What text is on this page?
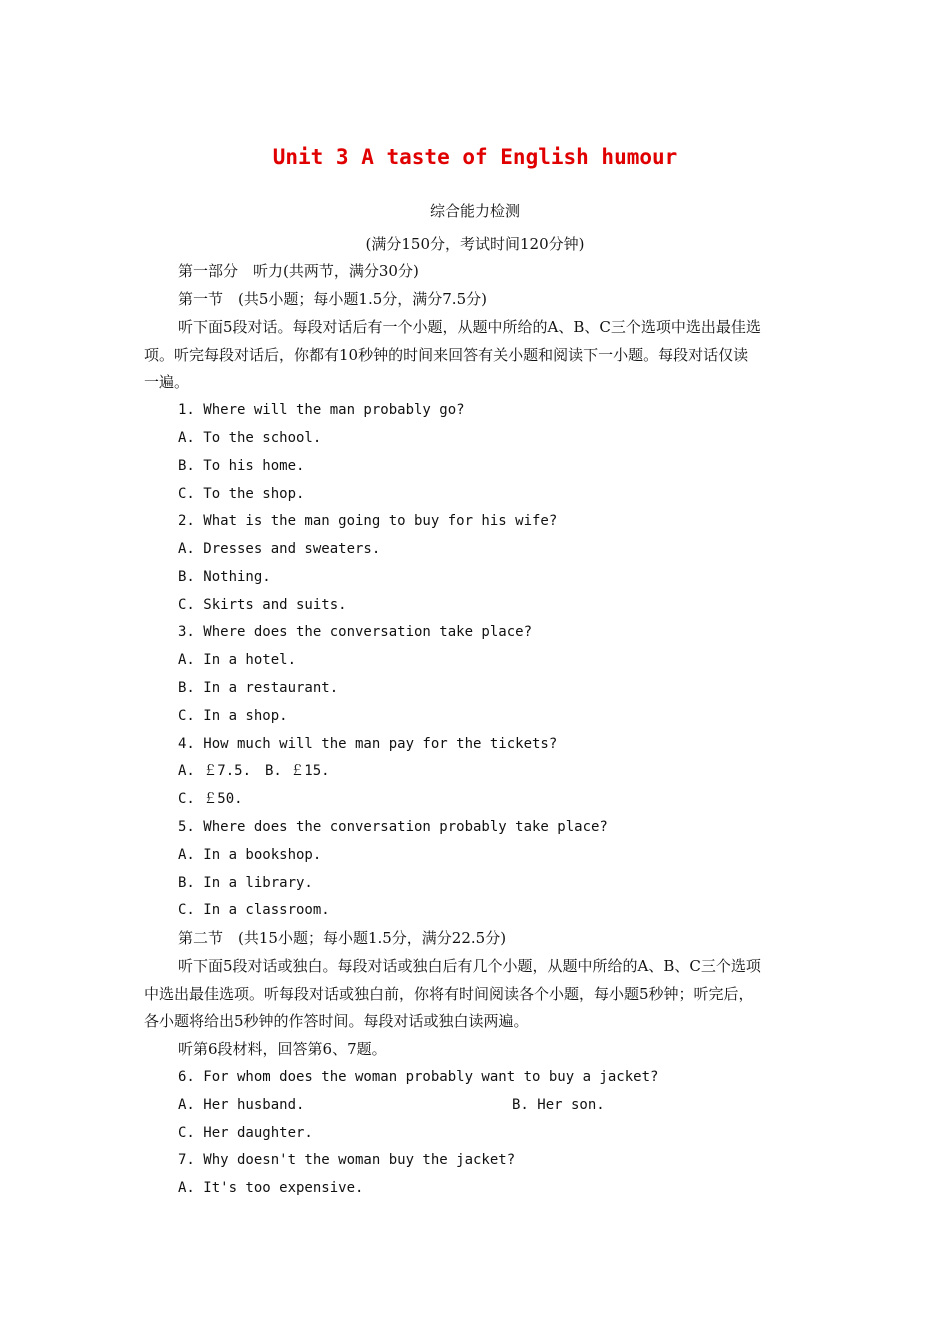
Unit 3 A taste of English humour

综合能力检测

(满分150分，考试时间120分钟)

第一部分　听力(共两节，满分30分)

第一节　(共5小题；每小题1.5分，满分7.5分)

听下面5段对话。每段对话后有一个小题，从题中所给的A、B、C三个选项中选出最佳选

项。听完每段对话后，你都有10秒钟的时间来回答有关小题和阅读下一小题。每段对话仅读

一遍。

1. Where will the man probably go?

A. To the school.

B. To his home.

C. To the shop.

2. What is the man going to buy for his wife?

A. Dresses and sweaters.

B. Nothing.

C. Skirts and suits.

3. Where does the conversation take place?

A. In a hotel.

B. In a restaurant.

C. In a shop.

4. How much will the man pay for the tickets?

A. ￡7.5.　B. ￡15.

C. ￡50.

5. Where does the conversation probably take place?

A. In a bookshop.

B. In a library.

C. In a classroom.

第二节　(共15小题；每小题1.5分，满分22.5分)

听下面5段对话或独白。每段对话或独白后有几个小题，从题中所给的A、B、C三个选项

中选出最佳选项。听每段对话或独白前，你将有时间阅读各个小题，每小题5秒钟；听完后，

各小题将给出5秒钟的作答时间。每段对话或独白读两遍。

听第6段材料，回答第6、7题。

6. For whom does the woman probably want to buy a jacket?

A. Her husband.	B. Her son.

C. Her daughter.

7. Why doesn't the woman buy the jacket?

A. It's too expensive.
